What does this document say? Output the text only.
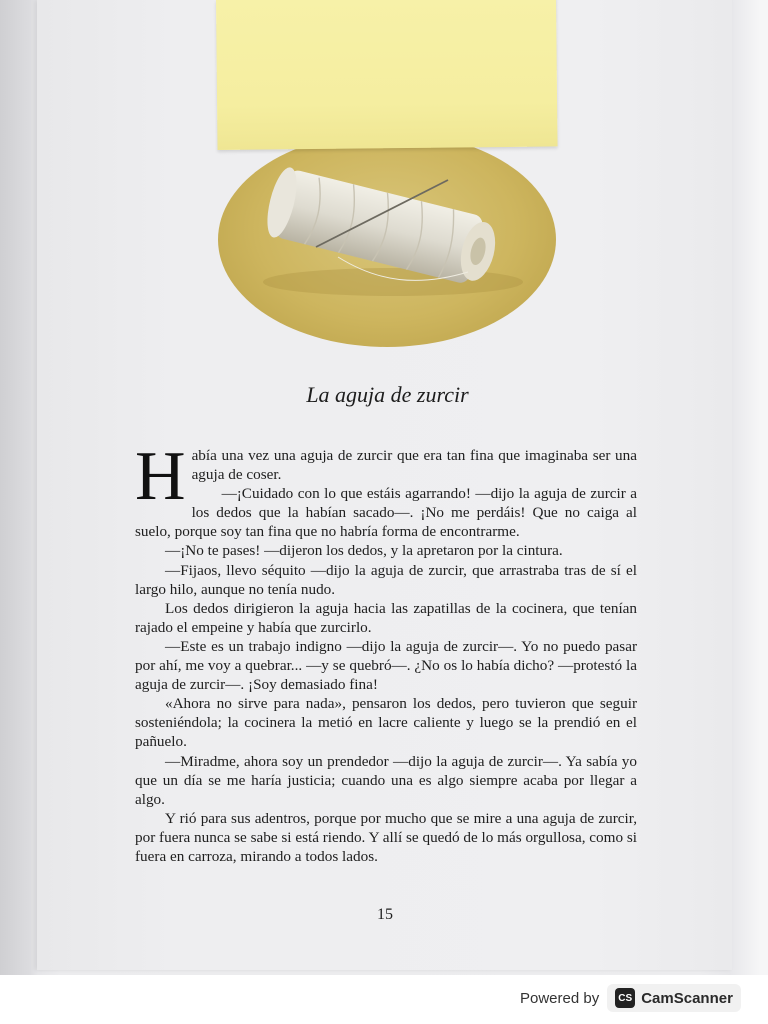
La aguja de zurcir

Había una vez una aguja de zurcir que era tan fina que imaginaba ser una aguja de coser.

—¡Cuidado con lo que estáis agarrando! —dijo la aguja de zurcir a los dedos que la habían sacado—. ¡No me perdáis! Que no caiga al suelo, porque soy tan fina que no habría forma de encontrarme.

—¡No te pases! —dijeron los dedos, y la apretaron por la cintura.

—Fijaos, llevo séquito —dijo la aguja de zurcir, que arrastraba tras de sí el largo hilo, aunque no tenía nudo.

Los dedos dirigieron la aguja hacia las zapatillas de la cocinera, que tenían rajado el empeine y había que zurcirlo.

—Este es un trabajo indigno —dijo la aguja de zurcir—. Yo no puedo pasar por ahí, me voy a quebrar... —y se quebró—. ¿No os lo había dicho? —protestó la aguja de zurcir—. ¡Soy demasiado fina!

«Ahora no sirve para nada», pensaron los dedos, pero tuvieron que seguir sosteniéndola; la cocinera la metió en lacre caliente y luego se la prendió en el pañuelo.

—Miradme, ahora soy un prendedor —dijo la aguja de zurcir—. Ya sabía yo que un día se me haría justicia; cuando una es algo siempre acaba por llegar a algo.

Y rió para sus adentros, porque por mucho que se mire a una aguja de zurcir, por fuera nunca se sabe si está riendo. Y allí se quedó de lo más orgullosa, como si fuera en carroza, mirando a todos lados.

15
Powered by	CS CamScanner
